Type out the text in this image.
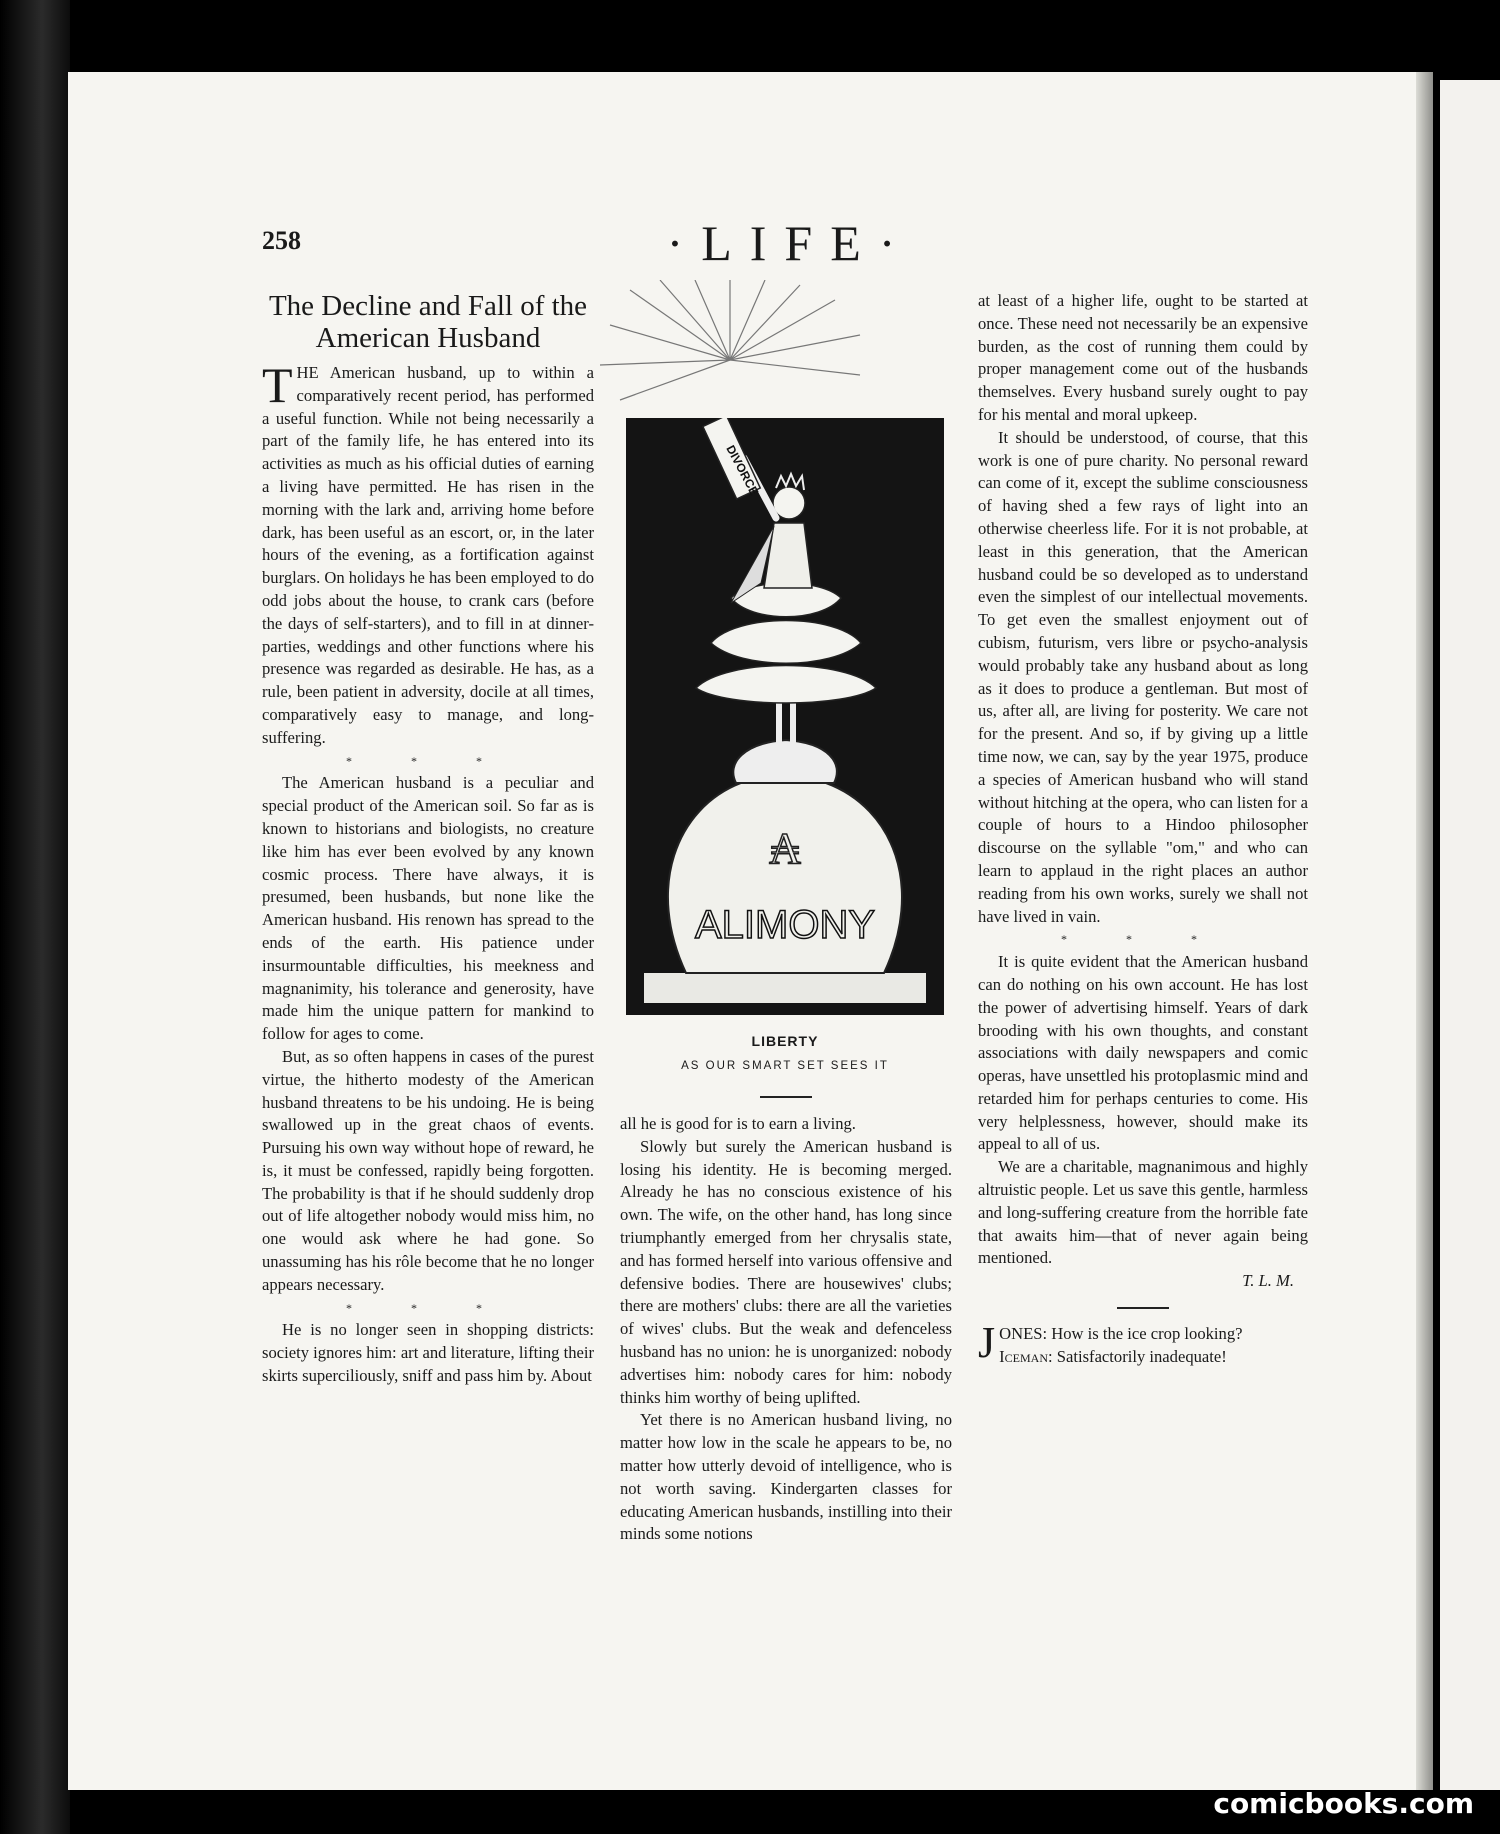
258	·LIFE·
The Decline and Fall of the American Husband

THE American husband, up to within a comparatively recent period, has performed a useful function. While not being necessarily a part of the family life, he has entered into its activities as much as his official duties of earning a living have permitted. He has risen in the morning with the lark and, arriving home before dark, has been useful as an escort, or, in the later hours of the evening, as a fortification against burglars. On holidays he has been employed to do odd jobs about the house, to crank cars (before the days of self-starters), and to fill in at dinner-parties, weddings and other functions where his presence was regarded as desirable. He has, as a rule, been patient in adversity, docile at all times, comparatively easy to manage, and long-suffering.

* * *

The American husband is a peculiar and special product of the American soil. So far as is known to historians and biologists, no creature like him has ever been evolved by any known cosmic process. There have always, it is presumed, been husbands, but none like the American husband. His renown has spread to the ends of the earth. His patience under insurmountable difficulties, his meekness and magnanimity, his tolerance and generosity, have made him the unique pattern for mankind to follow for ages to come.

But, as so often happens in cases of the purest virtue, the hitherto modesty of the American husband threatens to be his undoing. He is being swallowed up in the great chaos of events. Pursuing his own way without hope of reward, he is, it must be confessed, rapidly being forgotten. The probability is that if he should suddenly drop out of life altogether nobody would miss him, no one would ask where he had gone. So unassuming has his rôle become that he no longer appears necessary.

* * *

He is no longer seen in shopping districts: society ignores him: art and literature, lifting their skirts superciliously, sniff and pass him by. About

₳
ALIMONY
DIVORCE
LIBERTY
AS OUR SMART SET SEES IT

all he is good for is to earn a living.

Slowly but surely the American husband is losing his identity. He is becoming merged. Already he has no conscious existence of his own. The wife, on the other hand, has long since triumphantly emerged from her chrysalis state, and has formed herself into various offensive and defensive bodies. There are housewives' clubs; there are mothers' clubs: there are all the varieties of wives' clubs. But the weak and defenceless husband has no union: he is unorganized: nobody advertises him: nobody cares for him: nobody thinks him worthy of being uplifted.

Yet there is no American husband living, no matter how low in the scale he appears to be, no matter how utterly devoid of intelligence, who is not worth saving. Kindergarten classes for educating American husbands, instilling into their minds some notions

at least of a higher life, ought to be started at once. These need not necessarily be an expensive burden, as the cost of running them could by proper management come out of the husbands themselves. Every husband surely ought to pay for his mental and moral upkeep.

It should be understood, of course, that this work is one of pure charity. No personal reward can come of it, except the sublime consciousness of having shed a few rays of light into an otherwise cheerless life. For it is not probable, at least in this generation, that the American husband could be so developed as to understand even the simplest of our intellectual movements. To get even the smallest enjoyment out of cubism, futurism, vers libre or psycho-analysis would probably take any husband about as long as it does to produce a gentleman. But most of us, after all, are living for posterity. We care not for the present. And so, if by giving up a little time now, we can, say by the year 1975, produce a species of American husband who will stand without hitching at the opera, who can listen for a couple of hours to a Hindoo philosopher discourse on the syllable "om," and who can learn to applaud in the right places an author reading from his own works, surely we shall not have lived in vain.

* * *

It is quite evident that the American husband can do nothing on his own account. He has lost the power of advertising himself. Years of dark brooding with his own thoughts, and constant associations with daily newspapers and comic operas, have unsettled his protoplasmic mind and retarded him for perhaps centuries to come. His very helplessness, however, should make its appeal to all of us.

We are a charitable, magnanimous and highly altruistic people. Let us save this gentle, harmless and long-suffering creature from the horrible fate that awaits him—that of never again being mentioned.

T. L. M.

JONES: How is the ice crop looking?

Iceman: Satisfactorily inadequate!

comicbooks.com
